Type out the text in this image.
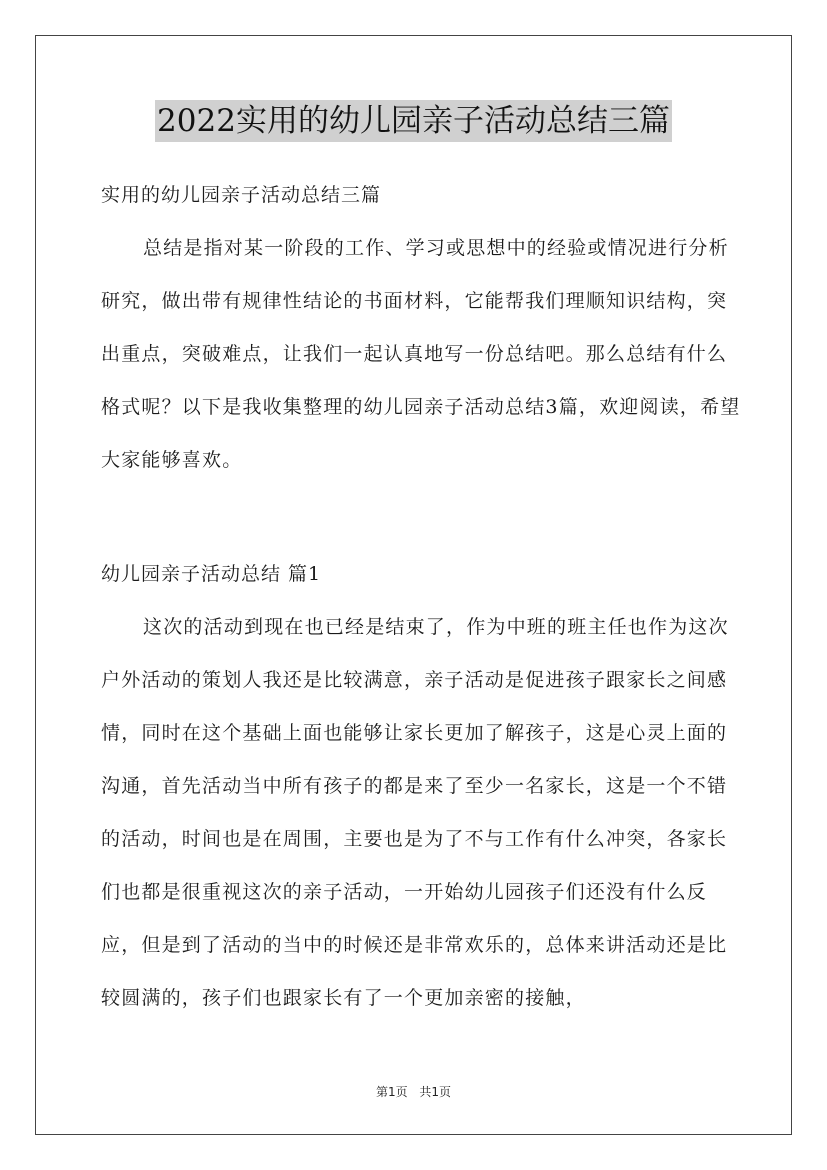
2022实用的幼儿园亲子活动总结三篇
实用的幼儿园亲子活动总结三篇
总结是指对某一阶段的工作、学习或思想中的经验或情况进行分析研究，做出带有规律性结论的书面材料，它能帮我们理顺知识结构，突出重点，突破难点，让我们一起认真地写一份总结吧。那么总结有什么格式呢？以下是我收集整理的幼儿园亲子活动总结3篇，欢迎阅读，希望大家能够喜欢。
幼儿园亲子活动总结 篇1
这次的活动到现在也已经是结束了，作为中班的班主任也作为这次户外活动的策划人我还是比较满意，亲子活动是促进孩子跟家长之间感情，同时在这个基础上面也能够让家长更加了解孩子，这是心灵上面的沟通，首先活动当中所有孩子的都是来了至少一名家长，这是一个不错的活动，时间也是在周围，主要也是为了不与工作有什么冲突，各家长们也都是很重视这次的亲子活动，一开始幼儿园孩子们还没有什么反应，但是到了活动的当中的时候还是非常欢乐的，总体来讲活动还是比较圆满的，孩子们也跟家长有了一个更加亲密的接触，
第1页 共1页
